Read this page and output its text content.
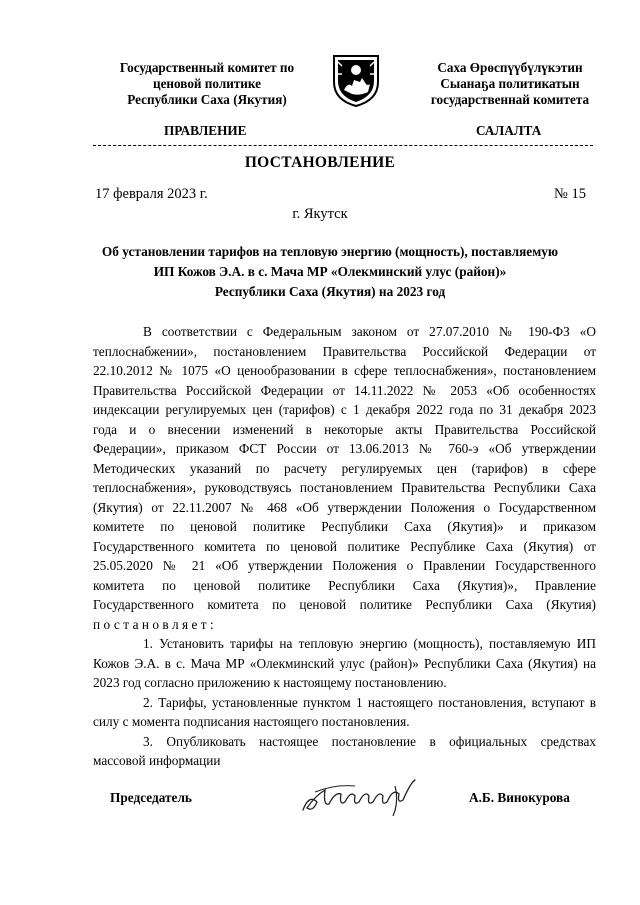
Государственный комитет по
ценовой политике
Республики Саха (Якутия)
Саха Өрөспүүбүлүкэтин
Сыанаҕа политикатын
государственнай комитета
ПРАВЛЕНИЕ	САЛАЛТА
ПОСТАНОВЛЕНИЕ
17 февраля 2023 г.	№ 15
г. Якутск
Об установлении тарифов на тепловую энергию (мощность), поставляемую
ИП Кожов Э.А. в с. Мача МР «Олекминский улус (район)»
Республики Саха (Якутия) на 2023 год
В соответствии с Федеральным законом от 27.07.2010 № 190-ФЗ «О
теплоснабжении», постановлением Правительства Российской Федерации от
22.10.2012 № 1075 «О ценообразовании в сфере теплоснабжения», постановлением
Правительства Российской Федерации от 14.11.2022 № 2053 «Об особенностях
индексации регулируемых цен (тарифов) с 1 декабря 2022 года по 31 декабря 2023
года и о внесении изменений в некоторые акты Правительства Российской
Федерации», приказом ФСТ России от 13.06.2013 № 760-э «Об утверждении
Методических указаний по расчету регулируемых цен (тарифов) в сфере
теплоснабжения», руководствуясь постановлением Правительства Республики Саха
(Якутия) от 22.11.2007 № 468 «Об утверждении Положения о Государственном
комитете по ценовой политике Республики Саха (Якутия)» и приказом
Государственного комитета по ценовой политике Республике Саха (Якутия) от
25.05.2020 № 21 «Об утверждении Положения о Правлении Государственного
комитета по ценовой политике Республики Саха (Якутия)», Правление
Государственного комитета по ценовой политике Республики Саха (Якутия)
постановляет:
1. Установить тарифы на тепловую энергию (мощность), поставляемую ИП
Кожов Э.А. в с. Мача МР «Олекминский улус (район)» Республики Саха (Якутия) на
2023 год согласно приложению к настоящему постановлению.
2. Тарифы, установленные пунктом 1 настоящего постановления, вступают в
силу с момента подписания настоящего постановления.
3. Опубликовать настоящее постановление в официальных средствах
массовой информации
Председатель	А.Б. Винокурова
